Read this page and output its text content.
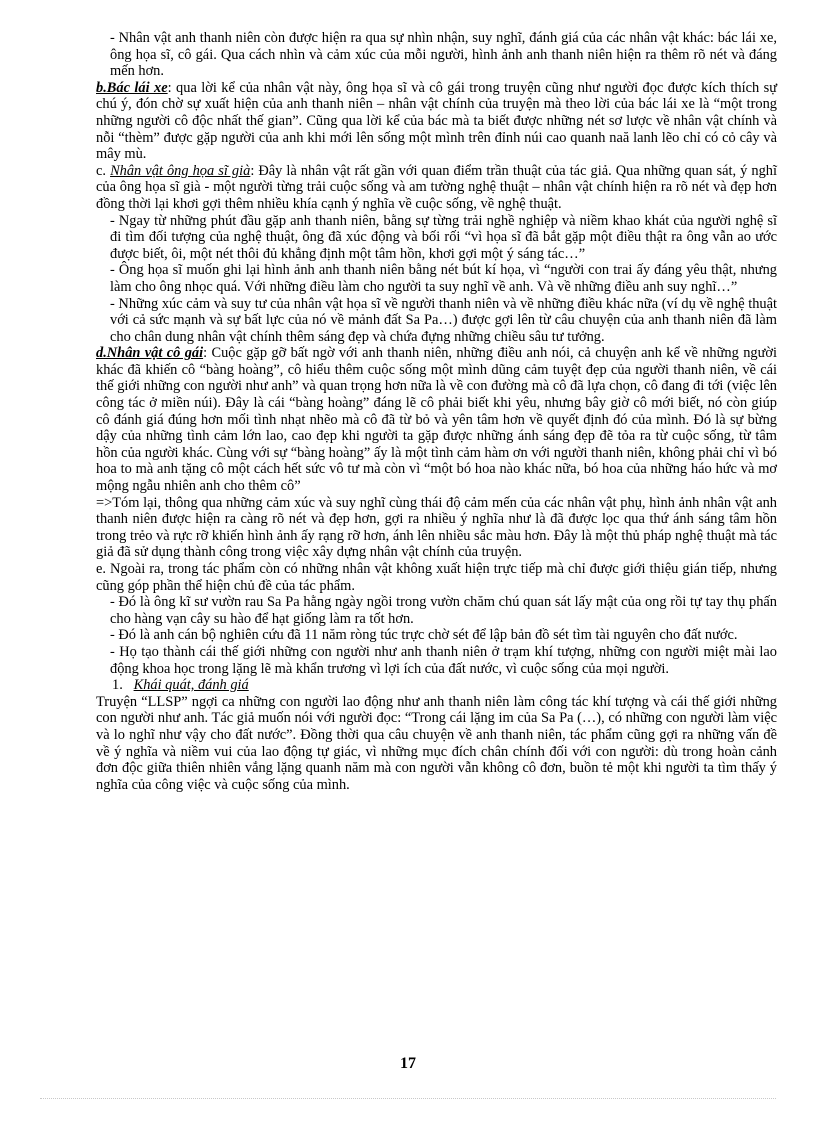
- Nhân vật anh thanh niên còn được hiện ra qua sự nhìn nhận, suy nghĩ, đánh giá của các nhân vật khác: bác lái xe, ông họa sĩ, cô gái. Qua cách nhìn và cảm xúc của mỗi người, hình ảnh anh thanh niên hiện ra thêm rõ nét và đáng mến hơn.

b.Bác lái xe: qua lời kể của nhân vật này, ông họa sĩ và cô gái trong truyện cũng như người đọc được kích thích sự chú ý, đón chờ sự xuất hiện của anh thanh niên – nhân vật chính của truyện mà theo lời của bác lái xe là “một trong những người cô độc nhất thế gian”. Cũng qua lời kể của bác mà ta biết được những nét sơ lược về nhân vật chính và nỗi “thèm” được gặp người của anh khi mới lên sống một mình trên đỉnh núi cao quanh naă lanh lẽo chỉ có cỏ cây và mây mù.

c. Nhân vật ông họa sĩ già: Đây là nhân vật rất gần với quan điểm trần thuật của tác giả. Qua những quan sát, ý nghĩ của ông họa sĩ già - một người từng trải cuộc sống và am tường nghệ thuật – nhân vật chính hiện ra rõ nét và đẹp hơn đồng thời lại khơi gợi thêm nhiều khía cạnh ý nghĩa về cuộc sống, về nghệ thuật.

- Ngay từ những phút đầu gặp anh thanh niên, bằng sự từng trải nghề nghiệp và niềm khao khát của người nghệ sĩ đi tìm đối tượng của nghệ thuật, ông đã xúc động và bối rối “vì họa sĩ đã bắt gặp một điều thật ra ông vẫn ao ước được biết, ôi, một nét thôi đủ khẳng định một tâm hồn, khơi gợi một ý sáng tác…”

- Ông họa sĩ muốn ghi lại hình ảnh anh thanh niên bằng nét bút kí họa, vì “người con trai ấy đáng yêu thật, nhưng làm cho ông nhọc quá. Với những điều làm cho người ta suy nghĩ về anh. Và về những điều anh suy nghĩ…”

- Những xúc cảm và suy tư của nhân vật họa sĩ về người thanh niên và về những điều khác nữa (ví dụ về nghệ thuật với cả sức mạnh và sự bất lực của nó về mảnh đất Sa Pa…) được gợi lên từ câu chuyện của anh thanh niên đã làm cho chân dung nhân vật chính thêm sáng đẹp và chứa đựng những chiều sâu tư tưởng.

d.Nhân vật cô gái: Cuộc gặp gỡ bất ngờ với anh thanh niên, những điều anh nói, cả chuyện anh kể về những người khác đã khiến cô “bàng hoàng”, cô hiểu thêm cuộc sống một mình dũng cảm tuyệt đẹp của người thanh niên, về cái thế giới những con người như anh” và quan trọng hơn nữa là về con đường mà cô đã lựa chọn, cô đang đi tới (việc lên công tác ở miền núi). Đây là cái “bàng hoàng” đáng lẽ cô phải biết khi yêu, nhưng bây giờ cô mới biết, nó còn giúp cô đánh giá đúng hơn mối tình nhạt nhẽo mà cô đã từ bỏ và yên tâm hơn về quyết định đó của mình. Đó là sự bừng dậy của những tình cảm lớn lao, cao đẹp khi người ta gặp được những ánh sáng đẹp đẽ tỏa ra từ cuộc sống, từ tâm hồn của người khác. Cùng với sự “bàng hoàng” ấy là một tình cảm hàm ơn với người thanh niên, không phải chỉ vì bó hoa to mà anh tặng cô một cách hết sức vô tư mà còn vì “một bó hoa nào khác nữa, bó hoa của những háo hức và mơ mộng ngẫu nhiên anh cho thêm cô”

=>Tóm lại, thông qua những cảm xúc và suy nghĩ cùng thái độ cảm mến của các nhân vật phụ, hình ảnh nhân vật anh thanh niên được hiện ra càng rõ nét và đẹp hơn, gợi ra nhiều ý nghĩa như là đã được lọc qua thứ ánh sáng tâm hồn trong trẻo và rực rỡ khiến hình ảnh ấy rạng rỡ hơn, ánh lên nhiều sắc màu hơn. Đây là một thủ pháp nghệ thuật mà tác giả đã sử dụng thành công trong việc xây dựng nhân vật chính của truyện.

e. Ngoài ra, trong tác phẩm còn có những nhân vật không xuất hiện trực tiếp mà chỉ được giới thiệu gián tiếp, nhưng cũng góp phần thể hiện chủ đề của tác phẩm.

- Đó là ông kĩ sư vườn rau Sa Pa hằng ngày ngồi trong vườn chăm chú quan sát lấy mật của ong rồi tự tay thụ phấn cho hàng vạn cây su hào để hạt giống làm ra tốt hơn.

- Đó là anh cán bộ nghiên cứu đã 11 năm ròng túc trực chờ sét để lập bản đồ sét tìm tài nguyên cho đất nước.

- Họ tạo thành cái thế giới những con người như anh thanh niên ở trạm khí tượng, những con người miệt mài lao động khoa học trong lặng lẽ mà khẩn trương vì lợi ích của đất nước, vì cuộc sống của mọi người.

1. Khái quát, đánh giá

Truyện “LLSP” ngợi ca những con người lao động như anh thanh niên làm công tác khí tượng và cái thế giới những con người như anh. Tác giả muốn nói với người đọc: “Trong cái lặng im của Sa Pa (…), có những con người làm việc và lo nghĩ như vậy cho đất nước”. Đồng thời qua câu chuyện về anh thanh niên, tác phẩm cũng gợi ra những vấn đề về ý nghĩa và niềm vui của lao động tự giác, vì những mục đích chân chính đối với con người: dù trong hoàn cảnh đơn độc giữa thiên nhiên vắng lặng quanh năm mà con người vẫn không cô đơn, buồn tẻ một khi người ta tìm thấy ý nghĩa của công việc và cuộc sống của mình.

17
